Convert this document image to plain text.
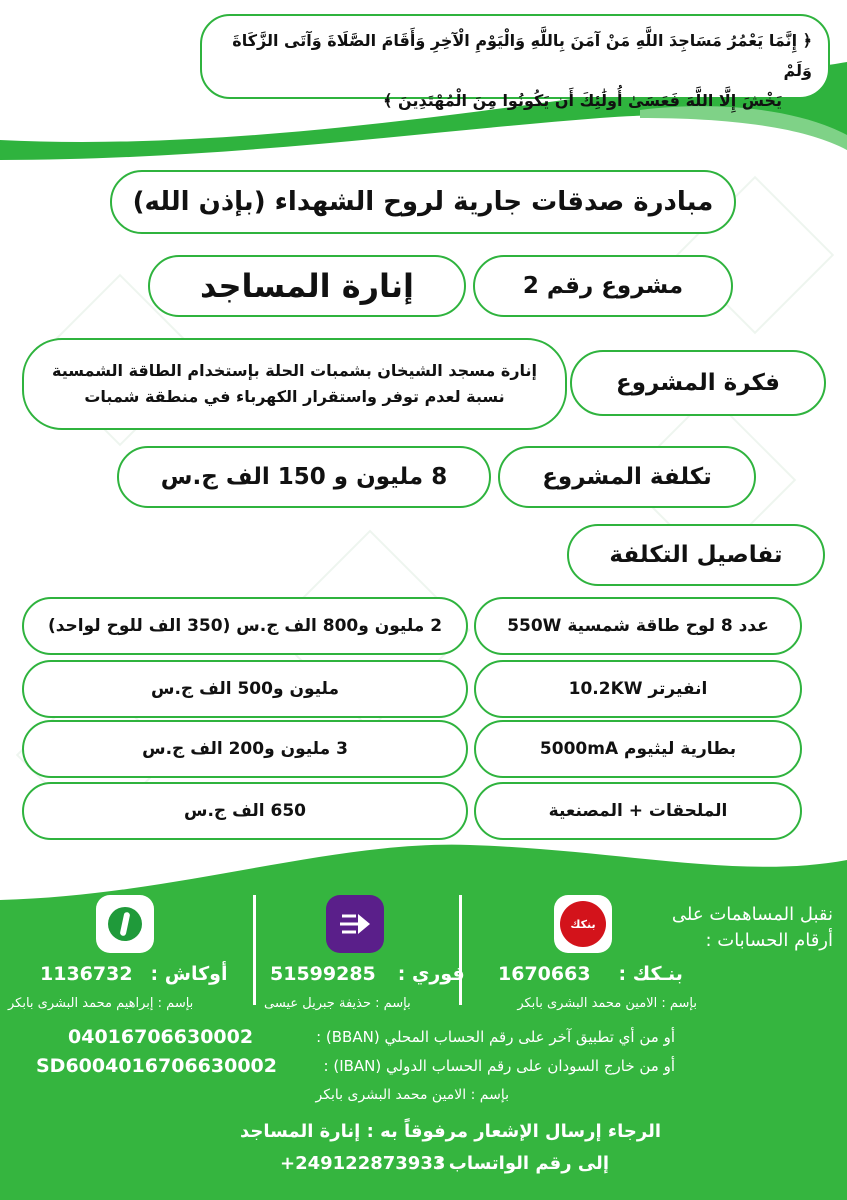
﴿ إِنَّمَا يَعْمُرُ مَسَاجِدَ اللَّهِ مَنْ آمَنَ بِاللَّهِ وَالْيَوْمِ الْآخِرِ وَأَقَامَ الصَّلَاةَ وَآتَى الزَّكَاةَ وَلَمْ
يَخْشَ إِلَّا اللَّهَ فَعَسَىٰ أُولَٰئِكَ أَن يَكُونُوا مِنَ الْمُهْتَدِينَ ﴾
مبادرة صدقات جارية لروح الشهداء (بإذن الله)
مشروع رقم 2
إنارة المساجد
فكرة المشروع
إنارة مسجد الشيخان بشمبات الحلة بإستخدام الطاقة الشمسية
نسبة لعدم توفر واستقرار الكهرباء في منطقة شمبات
تكلفة المشروع
8 مليون و 150 الف ج.س
تفاصيل التكلفة
عدد 8 لوح طاقة شمسية 550W
2 مليون و800 الف ج.س (350 الف للوح لواحد)
انفيرتر 10.2KW
مليون و500 الف ج.س
بطارية ليثيوم 5000mA
3 مليون و200 الف ج.س
الملحقات + المصنعية
650 الف ج.س
نقبل المساهمات على
أرقام الحسابات :
بنكك
بنـكك :
1670663
بإسم : الامين محمد البشرى بابكر
فوري :
51599285
بإسم : حذيفة جبريل عيسى
أوكاش :
1136732
بإسم : إبراهيم محمد البشرى بابكر
أو من أي تطبيق آخر على رقم الحساب المحلي (BBAN) :
04016706630002
أو من خارج السودان على رقم الحساب الدولي (IBAN) :
SD6004016706630002
بإسم : الامين محمد البشرى بابكر
الرجاء إرسال الإشعار مرفوقاً به : إنارة المساجد
إلى رقم الواتساب :
+249122873933
